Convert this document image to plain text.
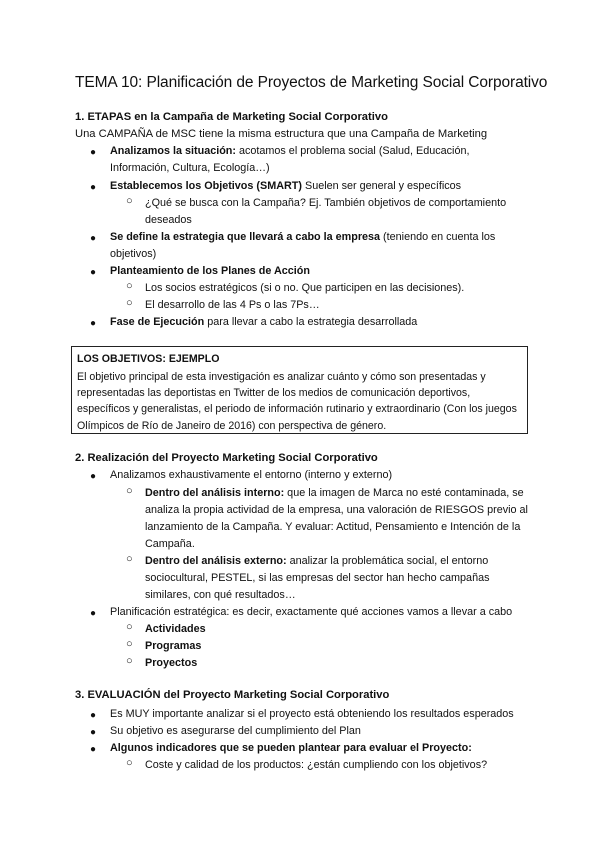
TEMA 10: Planificación de Proyectos de Marketing Social Corporativo
1. ETAPAS en la Campaña de Marketing Social Corporativo
Una CAMPAÑA de MSC tiene la misma estructura que una Campaña de Marketing
● Analizamos la situación: acotamos el problema social (Salud, Educación, Información, Cultura, Ecología…)
● Establecemos los Objetivos (SMART) Suelen ser general y específicos
○ ¿Qué se busca con la Campaña? Ej. También objetivos de comportamiento deseados
● Se define la estrategia que llevará a cabo la empresa (teniendo en cuenta los objetivos)
● Planteamiento de los Planes de Acción
○ Los socios estratégicos (si o no. Que participen en las decisiones).
○ El desarrollo de las 4 Ps o las 7Ps…
● Fase de Ejecución para llevar a cabo la estrategia desarrollada
LOS OBJETIVOS: EJEMPLO
El objetivo principal de esta investigación es analizar cuánto y cómo son presentadas y representadas las deportistas en Twitter de los medios de comunicación deportivos, específicos y generalistas, el periodo de información rutinario y extraordinario (Con los juegos Olímpicos de Río de Janeiro de 2016) con perspectiva de género.
2. Realización del Proyecto Marketing Social Corporativo
● Analizamos exhaustivamente el entorno (interno y externo)
○ Dentro del análisis interno: que la imagen de Marca no esté contaminada, se analiza la propia actividad de la empresa, una valoración de RIESGOS previo al lanzamiento de la Campaña. Y evaluar: Actitud, Pensamiento e Intención de la Campaña.
○ Dentro del análisis externo: analizar la problemática social, el entorno sociocultural, PESTEL, si las empresas del sector han hecho campañas similares, con qué resultados…
● Planificación estratégica: es decir, exactamente qué acciones vamos a llevar a cabo
○ Actividades
○ Programas
○ Proyectos
3. EVALUACIÓN del Proyecto Marketing Social Corporativo
● Es MUY importante analizar si el proyecto está obteniendo los resultados esperados
● Su objetivo es asegurarse del cumplimiento del Plan
● Algunos indicadores que se pueden plantear para evaluar el Proyecto:
○ Coste y calidad de los productos: ¿están cumpliendo con los objetivos?
